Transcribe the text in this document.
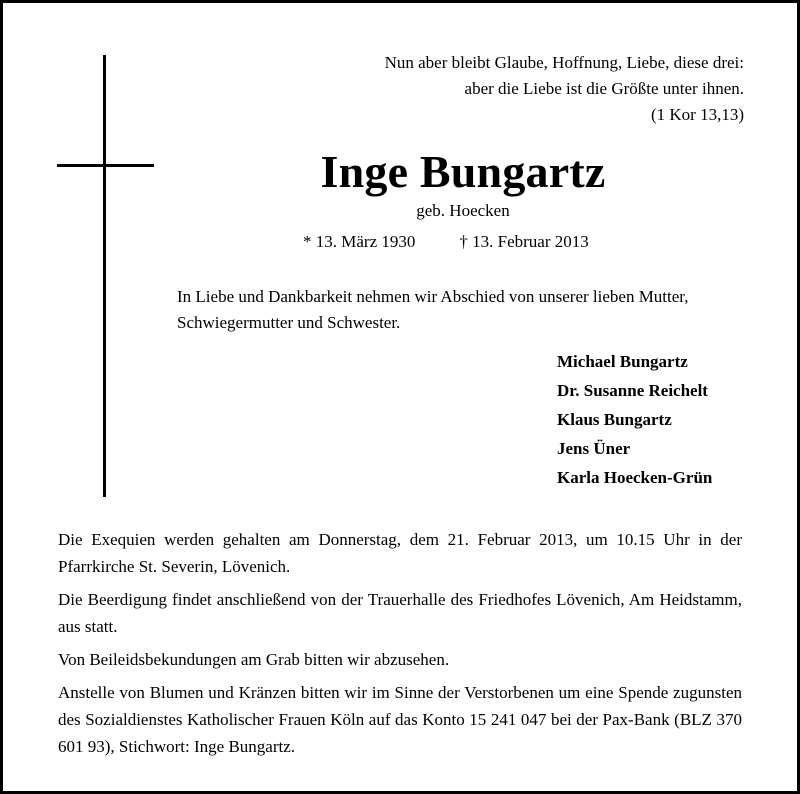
Nun aber bleibt Glaube, Hoffnung, Liebe, diese drei:
aber die Liebe ist die Größte unter ihnen.
(1 Kor 13,13)
Inge Bungartz
geb. Hoecken
* 13. März 1930	† 13. Februar 2013
In Liebe und Dankbarkeit nehmen wir Abschied von unserer lieben Mutter, Schwiegermutter und Schwester.
Michael Bungartz
Dr. Susanne Reichelt
Klaus Bungartz
Jens Üner
Karla Hoecken-Grün

Die Exequien werden gehalten am Donnerstag, dem 21. Februar 2013, um 10.15 Uhr in der Pfarrkirche St. Severin, Lövenich.

Die Beerdigung findet anschließend von der Trauerhalle des Friedhofes Lövenich, Am Heidstamm, aus statt.

Von Beileidsbekundungen am Grab bitten wir abzusehen.

Anstelle von Blumen und Kränzen bitten wir im Sinne der Verstorbenen um eine Spende zugunsten des Sozialdienstes Katholischer Frauen Köln auf das Konto 15 241 047 bei der Pax-Bank (BLZ 370 601 93), Stichwort: Inge Bungartz.
